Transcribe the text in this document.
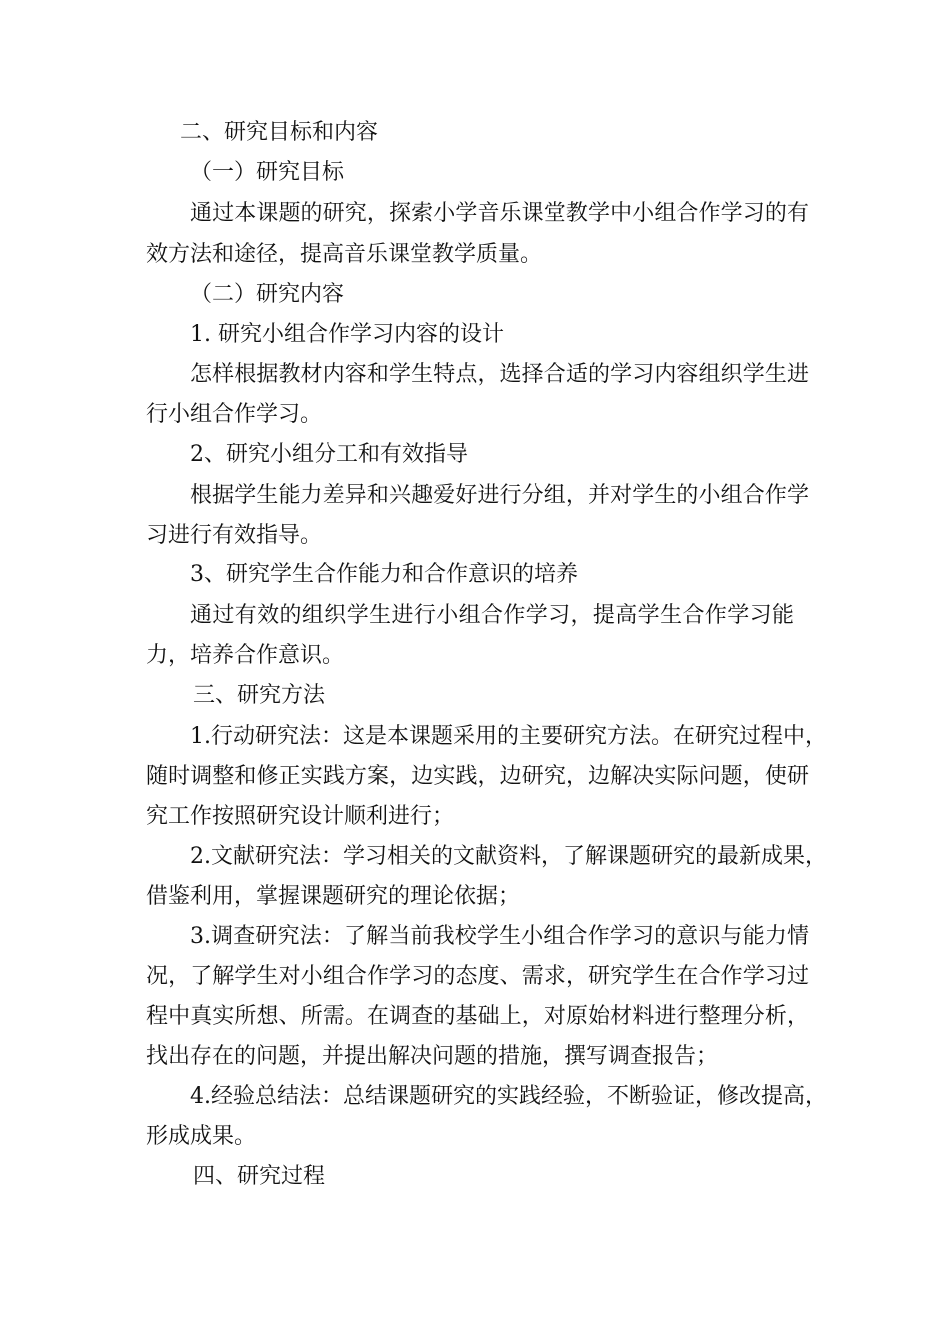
二、研究目标和内容
（一）研究目标
通过本课题的研究，探索小学音乐课堂教学中小组合作学习的有
效方法和途径，提高音乐课堂教学质量。
（二）研究内容
1. 研究小组合作学习内容的设计
怎样根据教材内容和学生特点，选择合适的学习内容组织学生进
行小组合作学习。
2、研究小组分工和有效指导
根据学生能力差异和兴趣爱好进行分组，并对学生的小组合作学
习进行有效指导。
3、研究学生合作能力和合作意识的培养
通过有效的组织学生进行小组合作学习，提高学生合作学习能
力，培养合作意识。
三、研究方法
1.行动研究法：这是本课题采用的主要研究方法。在研究过程中，
随时调整和修正实践方案，边实践，边研究，边解决实际问题，使研
究工作按照研究设计顺利进行；
2.文献研究法：学习相关的文献资料，了解课题研究的最新成果，
借鉴利用，掌握课题研究的理论依据；
3.调查研究法：了解当前我校学生小组合作学习的意识与能力情
况，了解学生对小组合作学习的态度、需求，研究学生在合作学习过
程中真实所想、所需。在调查的基础上，对原始材料进行整理分析，
找出存在的问题，并提出解决问题的措施，撰写调查报告；
4.经验总结法：总结课题研究的实践经验，不断验证，修改提高，
形成成果。
四、研究过程
